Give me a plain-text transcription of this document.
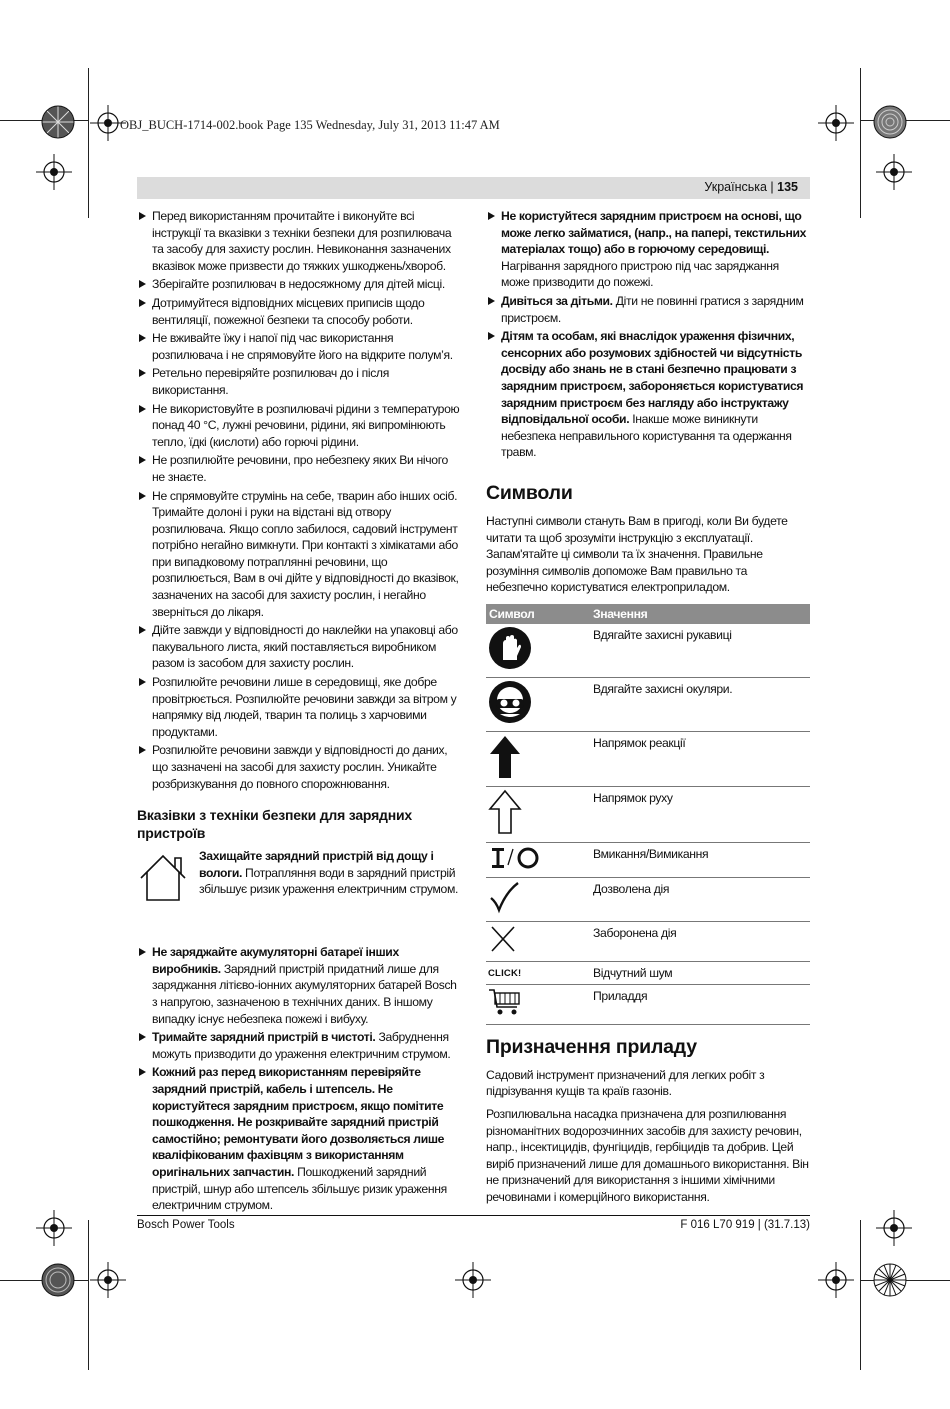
OBJ_BUCH-1714-002.book Page 135 Wednesday, July 31, 2013 11:47 AM
Українська | 135
Перед використанням прочитайте і виконуйте всі інструкції та вказівки з техніки безпеки для розпилювача та засобу для захисту рослин. Невиконання зазначених вказівок може призвести до тяжких ушкоджень/хвороб.
Зберігайте розпилювач в недосяжному для дітей місці.
Дотримуйтеся відповідних місцевих приписів щодо вентиляції, пожежної безпеки та способу роботи.
Не вживайте їжу і напої під час використання розпилювача і не спрямовуйте його на відкрите полум’я.
Ретельно перевіряйте розпилювач до і після використання.
Не використовуйте в розпилювачі рідини з температурою понад 40 °C, лужні речовини, рідини, які випромінюють тепло, їдкі (кислоти) або горючі рідини.
Не розпилюйте речовини, про небезпеку яких Ви нічого не знаєте.
Не спрямовуйте струмінь на себе, тварин або інших осіб. Тримайте долоні і руки на відстані від отвору розпилювача. Якщо сопло забилося, садовий інструмент потрібно негайно вимкнути. При контакті з хімікатами або при випадковому потраплянні речовини, що розпилюється, Вам в очі дійте у відповідності до вказівок, зазначених на засобі для захисту рослин, і негайно зверніться до лікаря.
Дійте завжди у відповідності до наклейки на упаковці або пакувального листа, який поставляється виробником разом із засобом для захисту рослин.
Розпилюйте речовини лише в середовищі, яке добре провітрюється. Розпилюйте речовини завжди за вітром у напрямку від людей, тварин та полиць з харчовими продуктами.
Розпилюйте речовини завжди у відповідності до даних, що зазначені на засобі для захисту рослин. Уникайте розбризкування до повного спорожнювання.
Вказівки з техніки безпеки для зарядних пристроїв
Захищайте зарядний пристрій від дощу і вологи. Потрапляння води в зарядний пристрій збільшує ризик ураження електричним струмом.
Не заряджайте акумуляторні батареї інших виробників. Зарядний пристрій придатний лише для заряджання літієво-іонних акумуляторних батарей Bosch з напругою, зазначеною в технічних даних. В іншому випадку існує небезпека пожежі і вибуху.
Тримайте зарядний пристрій в чистоті. Забруднення можуть призводити до ураження електричним струмом.
Кожний раз перед використанням перевіряйте зарядний пристрій, кабель і штепсель. Не користуйтеся зарядним пристроєм, якщо помітите пошкодження. Не розкривайте зарядний пристрій самостійно; ремонтувати його дозволяється лише кваліфікованим фахівцям з використанням оригінальних запчастин. Пошкоджений зарядний пристрій, шнур або штепсель збільшує ризик ураження електричним струмом.
Не користуйтеся зарядним пристроєм на основі, що може легко займатися, (напр., на папері, текстильних матеріалах тощо) або в горючому середовищі. Нагрівання зарядного пристрою під час заряджання може призводити до пожежі.
Дивіться за дітьми. Діти не повинні гратися з зарядним пристроєм.
Дітям та особам, які внаслідок ураження фізичних, сенсорних або розумових здібностей чи відсутність досвіду або знань не в стані безпечно працювати з зарядним пристроєм, забороняється користуватися зарядним пристроєм без нагляду або інструктажу відповідальної особи. Інакше може виникнути небезпека неправильного користування та одержання травм.
Символи
Наступні символи стануть Вам в пригоді, коли Ви будете читати та щоб зрозуміти інструкцію з експлуатації. Запам'ятайте ці символи та їх значення. Правильне розуміння символів допоможе Вам правильно та небезпечно користуватися електроприладом.
Символ	Значення
	Вдягайте захисні рукавиці
	Вдягайте захисні окуляри.
	Напрямок реакції
	Напрямок руху
	Вмикання/Вимикання
	Дозволена дія
	Заборонена дія
CLICK!	Відчутний шум
	Приладдя
Призначення приладу
Садовий інструмент призначений для легких робіт з підрізування кущів та країв газонів.
Розпилювальна насадка призначена для розпилювання різноманітних водорозчинних засобів для захисту речовин, напр., інсектицидів, фунгіцидів, гербіцидів та добрив. Цей виріб призначений лише для домашнього використання. Він не призначений для використання з іншими хімічними речовинами і комерційного використання.
Bosch Power Tools	F 016 L70 919 | (31.7.13)
